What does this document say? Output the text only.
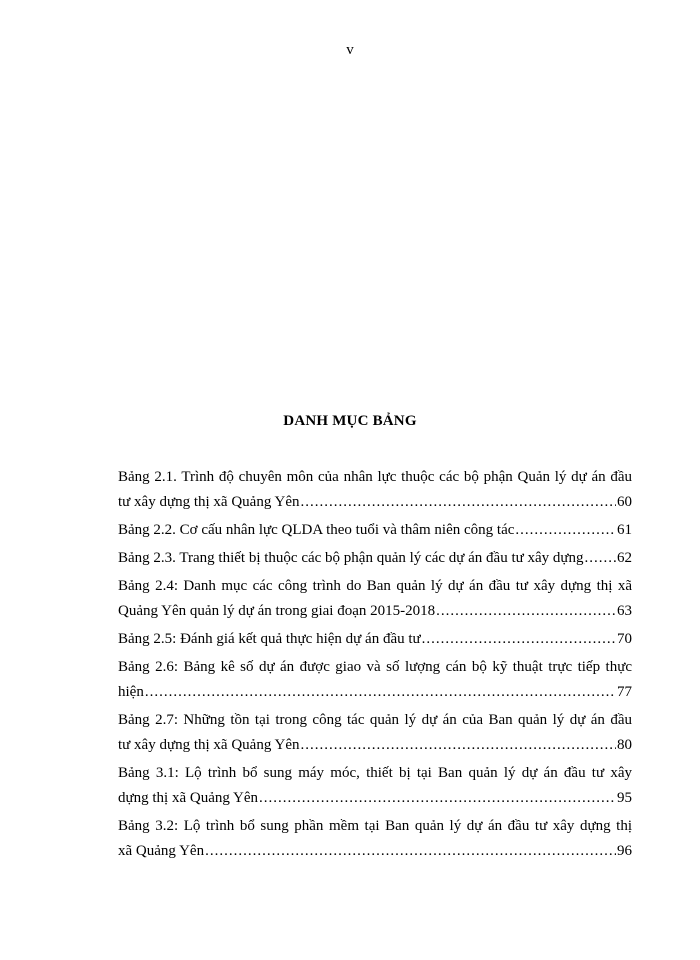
v
DANH MỤC BẢNG
Bảng 2.1. Trình độ chuyên môn của nhân lực thuộc các bộ phận Quản lý dự án đầu
tư xây dựng thị xã Quảng Yên .....	60
Bảng 2.2. Cơ cấu nhân lực QLDA theo tuổi và thâm niên công tác .....	61
Bảng 2.3. Trang thiết bị thuộc các bộ phận quản lý các dự án đầu tư xây dựng ..... 62
Bảng 2.4: Danh mục các công trình do Ban quản lý dự án đầu tư xây dựng thị xã
Quảng Yên quản lý dự án trong giai đoạn 2015-2018 .....	63
Bảng 2.5: Đánh giá kết quả thực hiện dự án đầu tư .....	70
Bảng 2.6: Bảng kê số dự án được giao và số lượng cán bộ kỹ thuật trực tiếp thực
hiện .....	77
Bảng 2.7: Những tồn tại trong công tác quản lý dự án của Ban quản lý dự án đầu
tư xây dựng thị xã Quảng Yên .....	80
Bảng 3.1: Lộ trình bổ sung máy móc, thiết bị tại Ban quản lý dự án đầu tư xây
dựng thị xã Quảng Yên .....	95
Bảng 3.2: Lộ trình bổ sung phần mềm tại Ban quản lý dự án đầu tư xây dựng thị
xã Quảng Yên .....	96
